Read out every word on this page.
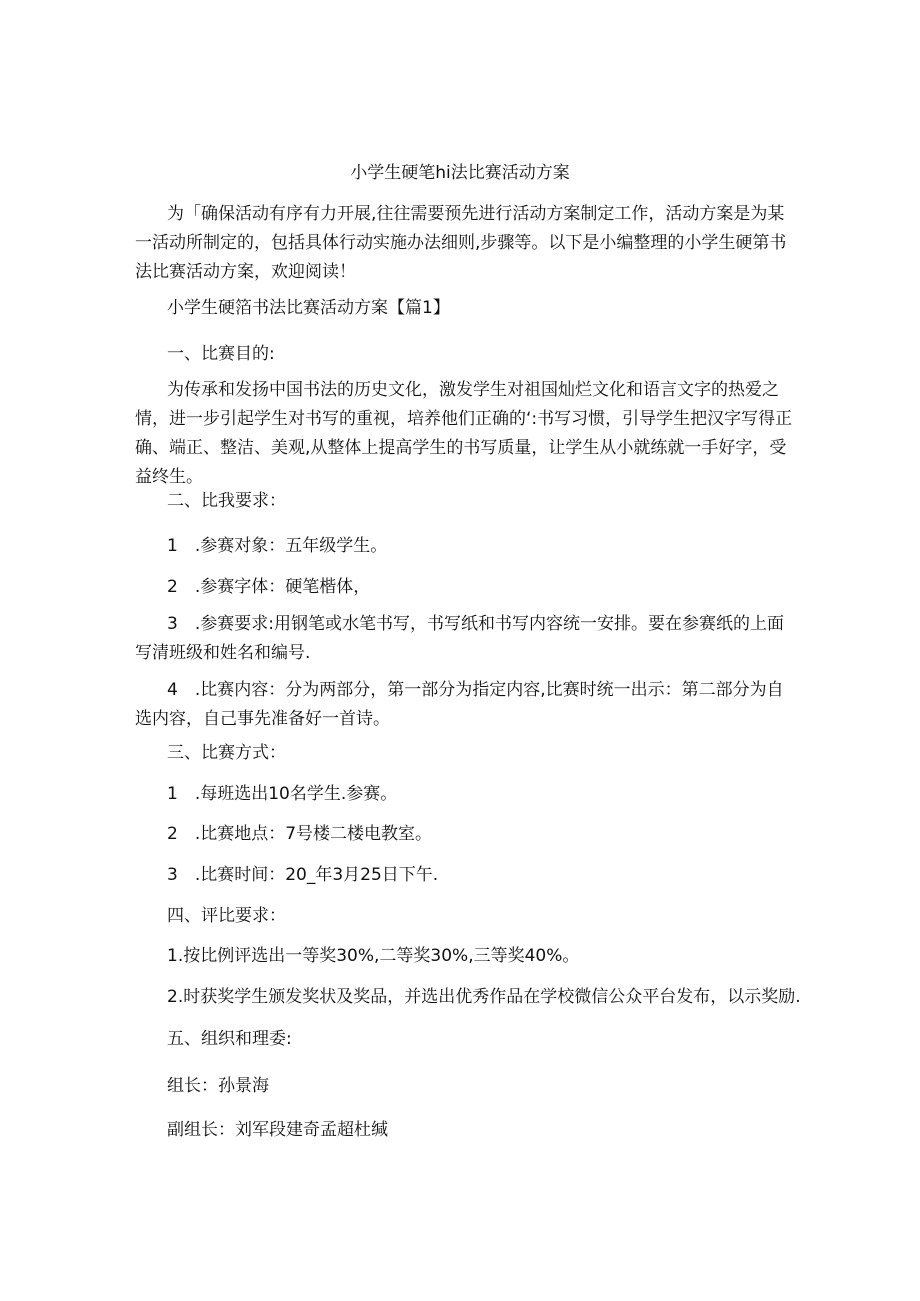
小学生硬笔hi法比赛活动方案

为「确保活动有序有力开展,往往需要预先进行活动方案制定工作，活动方案是为某一活动所制定的，包括具体行动实施办法细则,步骤等。以下是小编整理的小学生硬第书法比赛活动方案，欢迎阅读！

小学生硬箔书法比赛活动方案【篇1】

一、比赛目的:

为传承和发扬中国书法的历史文化，激发学生对祖国灿烂文化和语言文字的热爱之情，进一步引起学生对书写的重视，培养他们正确的‘:书写习惯，引导学生把汉字写得正确、端正、整洁、美观,从整体上提高学生的书写质量，让学生从小就练就一手好字，受益终生。

二、比我要求：

1　.参赛对象：五年级学生。

2　.参赛字体：硬笔楷体，

3　.参赛要求:用钢笔或水笔书写，书写纸和书写内容统一安排。要在参赛纸的上面写清班级和姓名和编号.

4　.比赛内容：分为两部分，第一部分为指定内容,比赛时统一出示：第二部分为自选内容，自己事先准备好一首诗。

三、比赛方式：

1　.每班选出10名学生.参赛。

2　.比赛地点：7号楼二楼电教室。

3　.比赛时间：20_年3月25日下午.

四、评比要求：

1.按比例评选出一等奖30%,二等奖30%,三等奖40%。

2.时获奖学生颁发奖状及奖品，并选出优秀作品在学校微信公众平台发布，以示奖励.

五、组织和理委:

组长：孙景海

副组长：刘军段建奇孟超杜缄
